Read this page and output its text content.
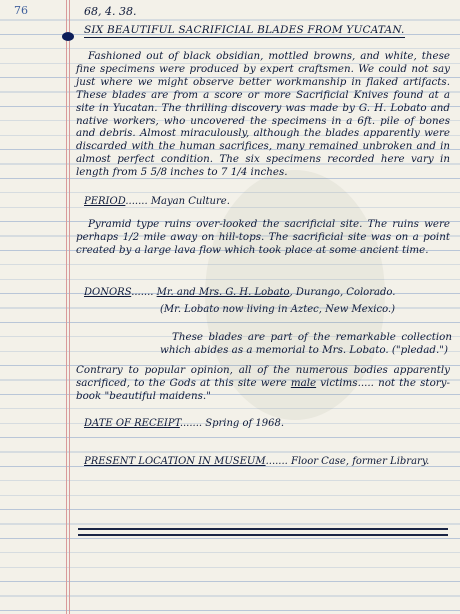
76	68, 4. 38.

SIX BEAUTIFUL SACRIFICIAL BLADES FROM YUCATAN.

Fashioned out of black obsidian, mottled browns, and white, these fine specimens were produced by expert craftsmen. We could not say just where we might observe better workmanship in flaked artifacts. These blades are from a score or more Sacrificial Knives found at a site in Yucatan. The thrilling discovery was made by G. H. Lobato and native workers, who uncovered the specimens in a 6ft. pile of bones and debris. Almost miraculously, although the blades apparently were discarded with the human sacrifices, many remained unbroken and in almost perfect condition. The six specimens recorded here vary in length from 5 5/8 inches to 7 1/4 inches.

PERIOD....... Mayan Culture.

Pyramid type ruins over-looked the sacrificial site. The ruins were perhaps 1/2 mile away on hill-tops. The sacrificial site was on a point created by a large lava flow which took place at some ancient time.

DONORS....... Mr. and Mrs. G. H. Lobato, Durango, Colorado.

(Mr. Lobato now living in Aztec, New Mexico.)

These blades are part of the remarkable collection which abides as a memorial to Mrs. Lobato. ("pledad.")

Contrary to popular opinion, all of the numerous bodies apparently sacrificed, to the Gods at this site were male victims..... not the story-book "beautiful maidens."

DATE OF RECEIPT....... Spring of 1968.

PRESENT LOCATION IN MUSEUM....... Floor Case, former Library.
